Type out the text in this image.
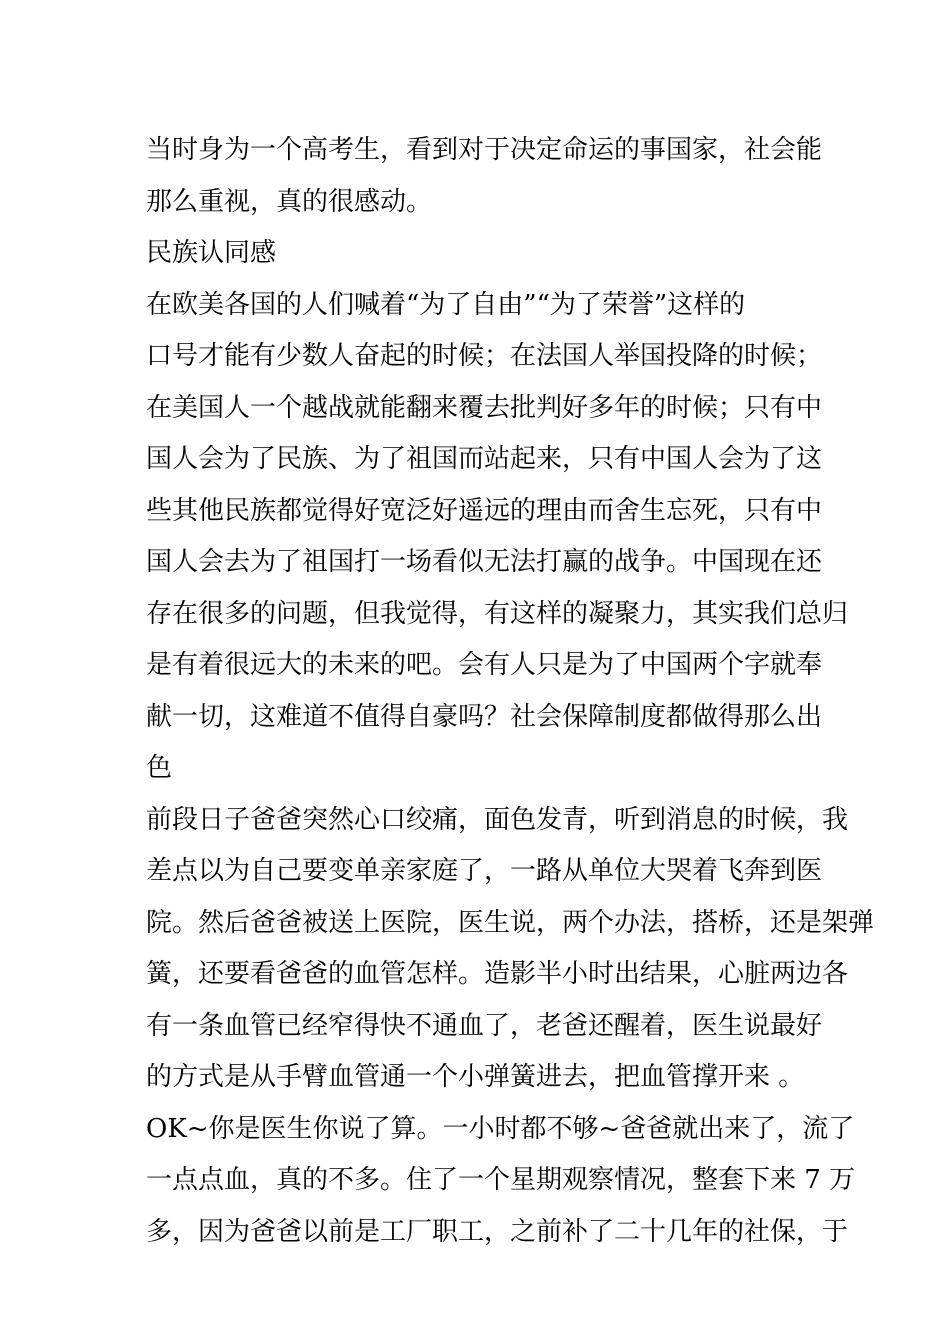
当时身为一个高考生，看到对于决定命运的事国家，社会能
那么重视，真的很感动。
民族认同感
在欧美各国的人们喊着“为了自由”“为了荣誉”这样的
口号才能有少数人奋起的时候；在法国人举国投降的时候；
在美国人一个越战就能翻来覆去批判好多年的时候；只有中
国人会为了民族、为了祖国而站起来，只有中国人会为了这
些其他民族都觉得好宽泛好遥远的理由而舍生忘死，只有中
国人会去为了祖国打一场看似无法打赢的战争。中国现在还
存在很多的问题，但我觉得，有这样的凝聚力，其实我们总归
是有着很远大的未来的吧。会有人只是为了中国两个字就奉
献一切，这难道不值得自豪吗？社会保障制度都做得那么出
色
前段日子爸爸突然心口绞痛，面色发青，听到消息的时候，我
差点以为自己要变单亲家庭了，一路从单位大哭着飞奔到医
院。然后爸爸被送上医院，医生说，两个办法，搭桥，还是架弹
簧，还要看爸爸的血管怎样。造影半小时出结果，心脏两边各
有一条血管已经窄得快不通血了，老爸还醒着，医生说最好
的方式是从手臂血管通一个小弹簧进去，把血管撑开来 。
OK~你是医生你说了算。一小时都不够~爸爸就出来了，流了
一点点血，真的不多。住了一个星期观察情况，整套下来 7 万
多，因为爸爸以前是工厂职工，之前补了二十几年的社保，于
